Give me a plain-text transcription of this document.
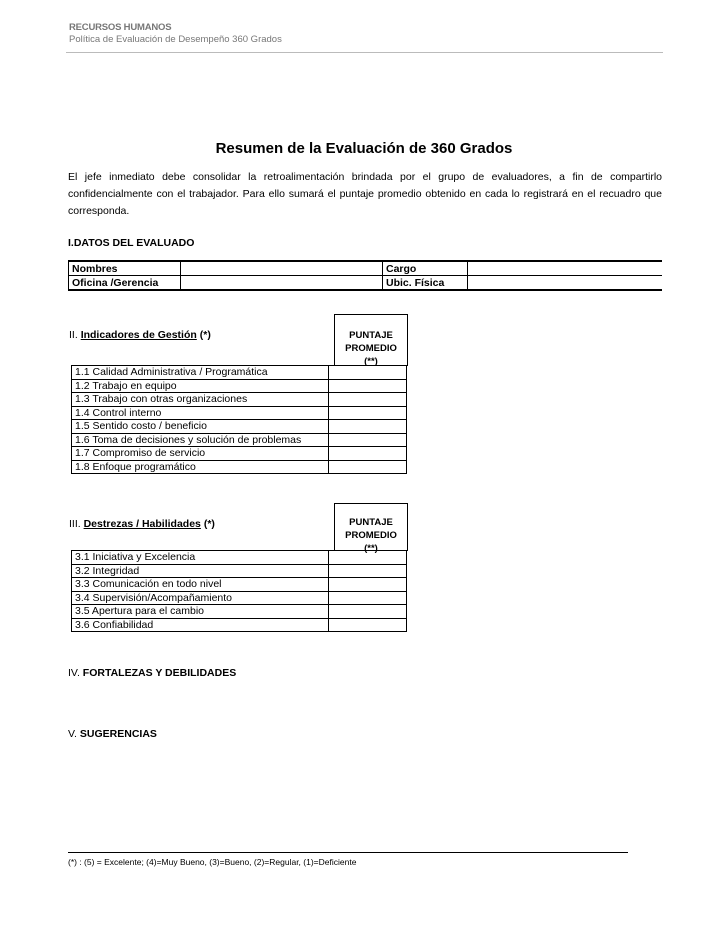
RECURSOS HUMANOS
Política de Evaluación de Desempeño 360 Grados
Resumen de la Evaluación de 360 Grados
El jefe inmediato debe consolidar la retroalimentación brindada por el grupo de evaluadores, a fin de compartirlo confidencialmente con el trabajador. Para ello sumará el puntaje promedio obtenido en cada lo registrará en el recuadro que corresponda.
I.DATOS DEL EVALUADO
Nombres		Cargo	
Oficina /Gerencia		Ubic. Física	
II. Indicadores de Gestión (*)	PUNTAJE
PROMEDIO
(**)
1.1 Calidad Administrativa / Programática	
1.2 Trabajo en equipo	
1.3 Trabajo con otras organizaciones	
1.4 Control interno	
1.5 Sentido costo / beneficio	
1.6 Toma de decisiones y solución de problemas	
1.7 Compromiso de servicio	
1.8 Enfoque programático	
III. Destrezas / Habilidades (*)	PUNTAJE
PROMEDIO
(**)
3.1 Iniciativa y Excelencia	
3.2 Integridad	
3.3 Comunicación en todo nivel	
3.4 Supervisión/Acompañamiento	
3.5 Apertura para el cambio	
3.6 Confiabilidad	
IV. FORTALEZAS Y DEBILIDADES
V. SUGERENCIAS
(*) : (5) = Excelente; (4)=Muy Bueno, (3)=Bueno, (2)=Regular, (1)=Deficiente
